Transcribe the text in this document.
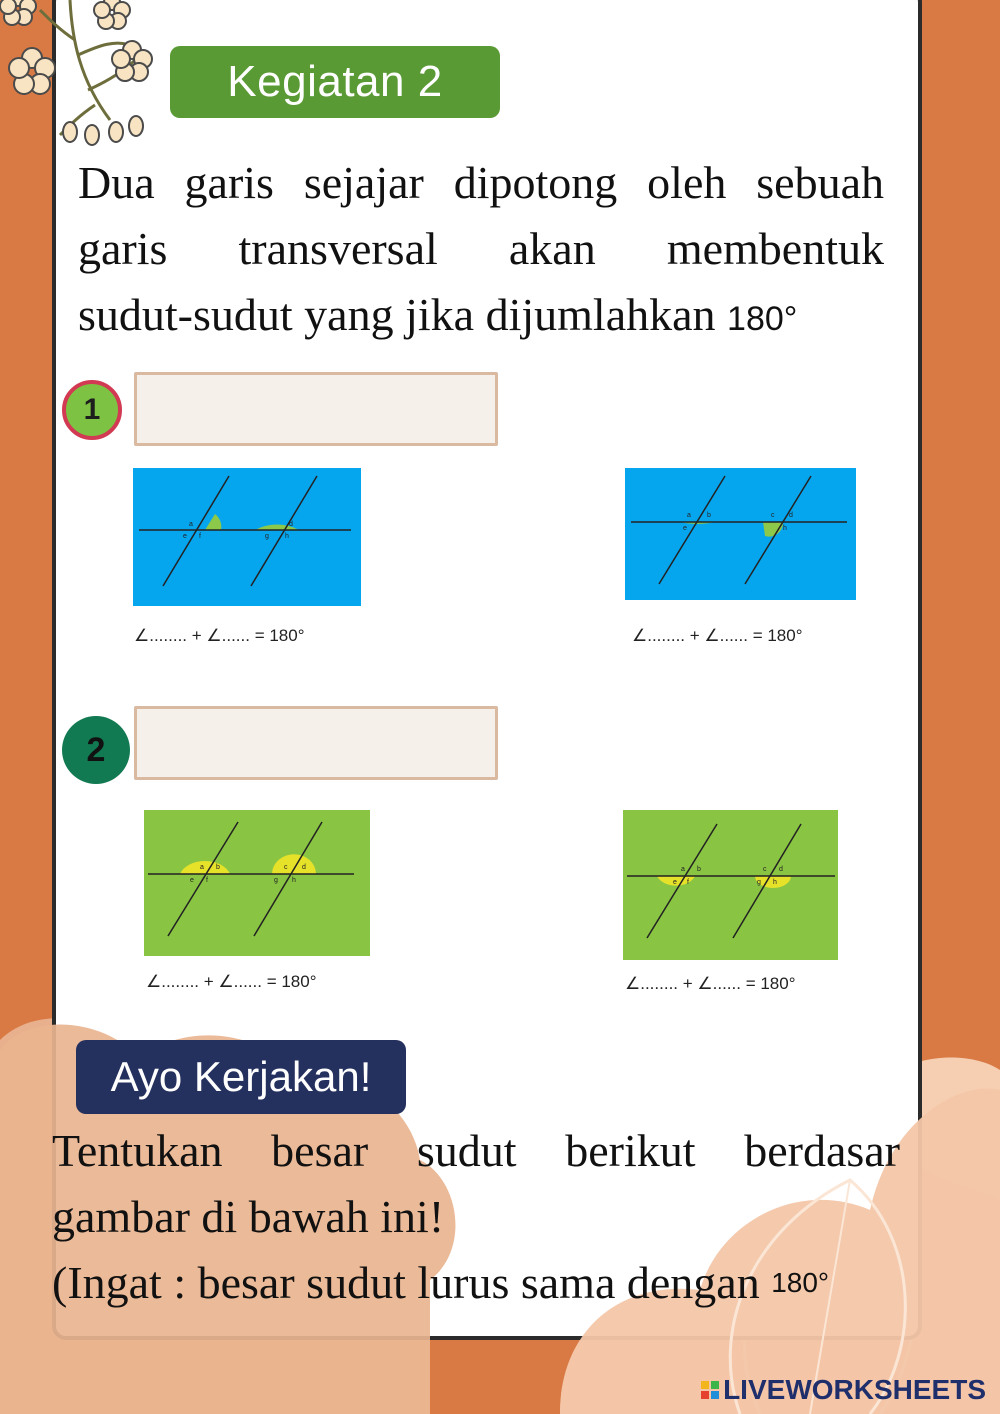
Kegiatan 2
Dua garis sejajar dipotong oleh sebuah
garis transversal akan membentuk
sudut-sudut yang jika dijumlahkan 180°
1
a
e f
d
g h
∠........ + ∠...... = 180°
a b
e
c d
h
∠........ + ∠...... = 180°
2
a b
e f
c d
g h
∠........ + ∠...... = 180°
a b
e f
c d
g h
∠........ + ∠...... = 180°
Ayo Kerjakan!
Tentukan besar sudut berikut berdasar
gambar di bawah ini!
(Ingat : besar sudut lurus sama dengan 180°
LIVEWORKSHEETS
